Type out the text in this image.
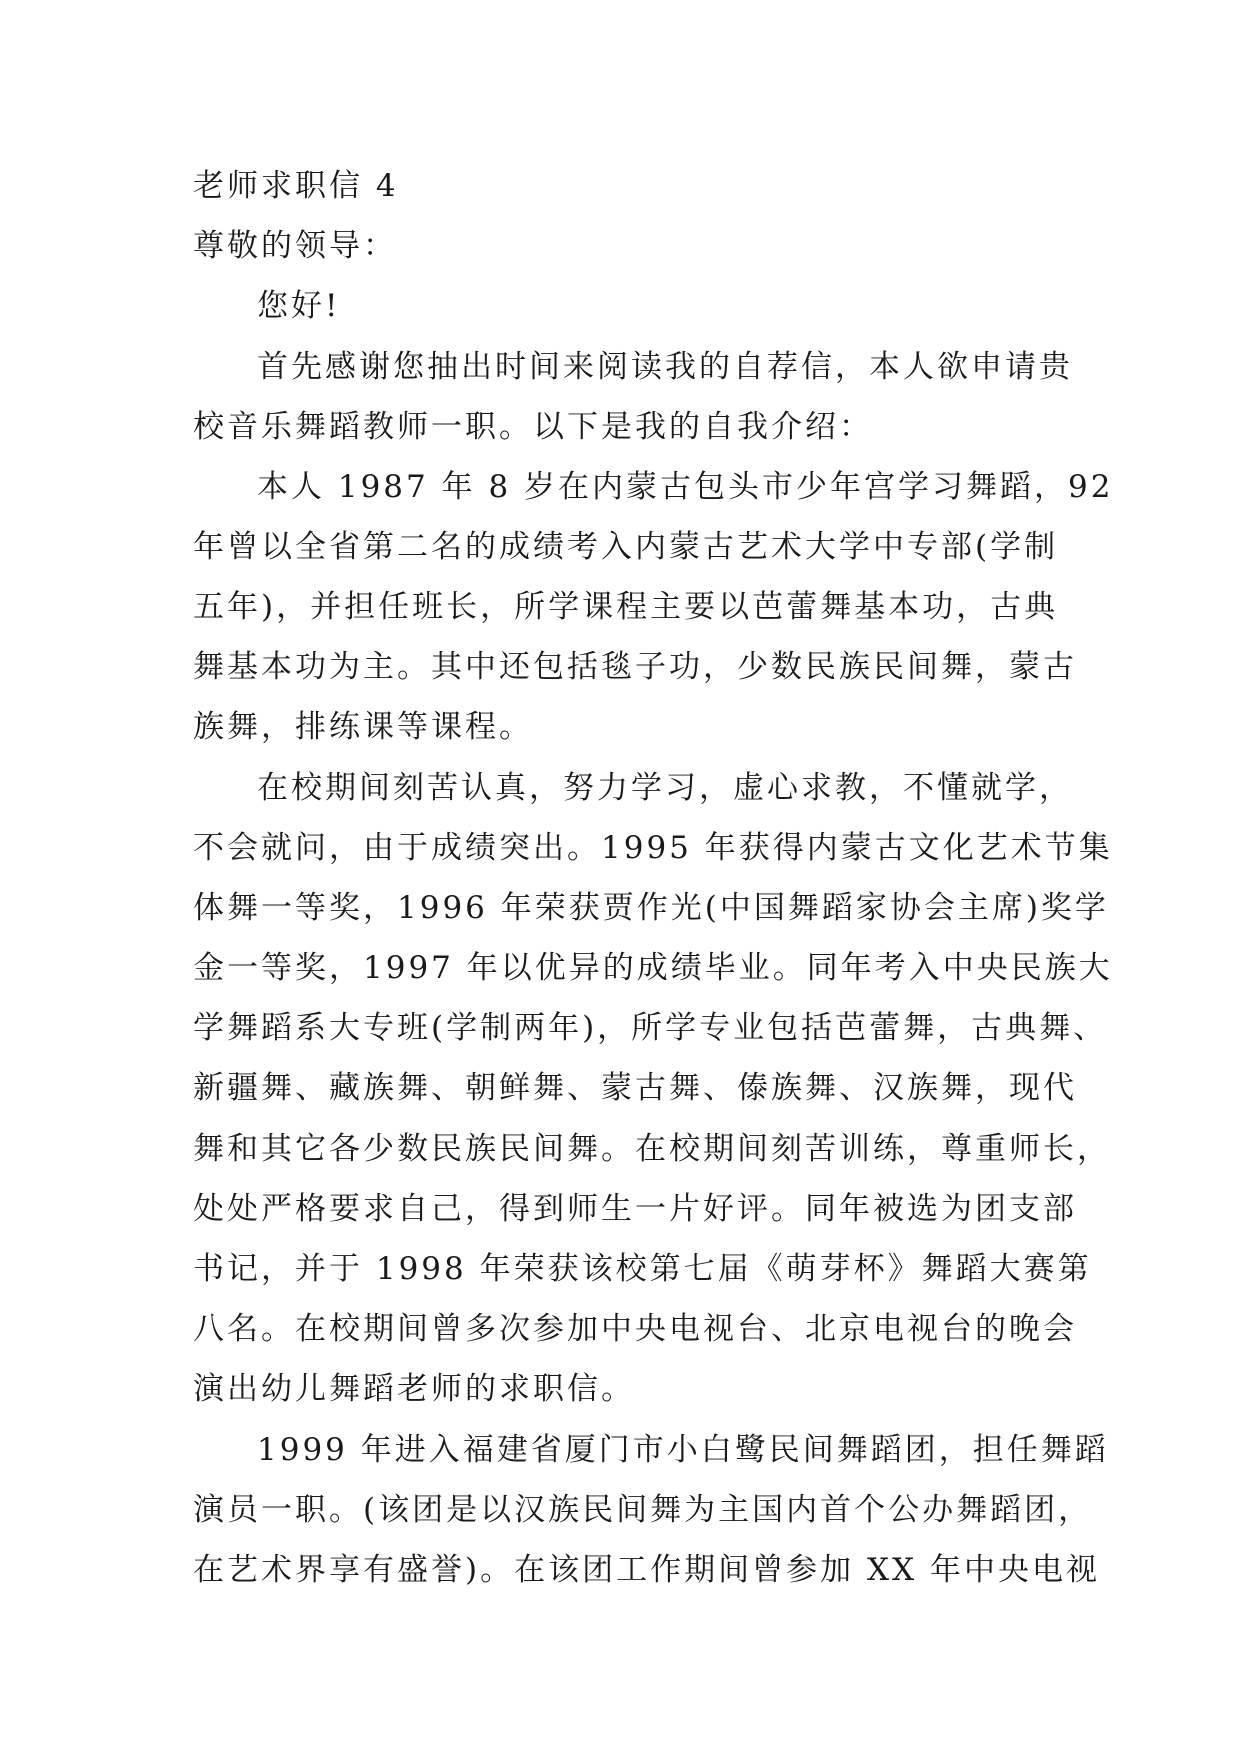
老师求职信 4
尊敬的领导：
您好!
首先感谢您抽出时间来阅读我的自荐信，本人欲申请贵
校音乐舞蹈教师一职。以下是我的自我介绍：
本人 1987 年 8 岁在内蒙古包头市少年宫学习舞蹈，92
年曾以全省第二名的成绩考入内蒙古艺术大学中专部(学制
五年)，并担任班长，所学课程主要以芭蕾舞基本功，古典
舞基本功为主。其中还包括毯子功，少数民族民间舞，蒙古
族舞，排练课等课程。
在校期间刻苦认真，努力学习，虚心求教，不懂就学，
不会就问，由于成绩突出。1995 年获得内蒙古文化艺术节集
体舞一等奖，1996 年荣获贾作光(中国舞蹈家协会主席)奖学
金一等奖，1997 年以优异的成绩毕业。同年考入中央民族大
学舞蹈系大专班(学制两年)，所学专业包括芭蕾舞，古典舞、
新疆舞、藏族舞、朝鲜舞、蒙古舞、傣族舞、汉族舞，现代
舞和其它各少数民族民间舞。在校期间刻苦训练，尊重师长，
处处严格要求自己，得到师生一片好评。同年被选为团支部
书记，并于 1998 年荣获该校第七届《萌芽杯》舞蹈大赛第
八名。在校期间曾多次参加中央电视台、北京电视台的晚会
演出幼儿舞蹈老师的求职信。
1999 年进入福建省厦门市小白鹭民间舞蹈团，担任舞蹈
演员一职。(该团是以汉族民间舞为主国内首个公办舞蹈团，
在艺术界享有盛誉)。在该团工作期间曾参加 XX 年中央电视
